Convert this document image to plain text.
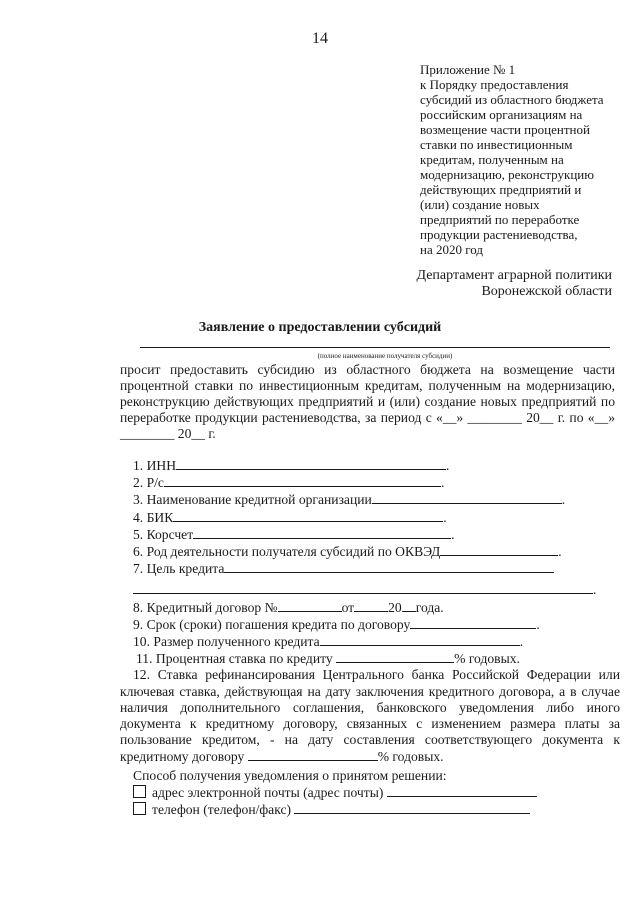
14
Приложение № 1
к Порядку предоставления
субсидий из областного бюджета
российским организациям на
возмещение части процентной
ставки по инвестиционным
кредитам, полученным на
модернизацию, реконструкцию
действующих предприятий и
(или) создание новых
предприятий по переработке
продукции растениеводства,
на 2020 год
Департамент аграрной политики
Воронежской области
Заявление о предоставлении субсидий
(полное наименование получателя субсидии)

просит предоставить субсидию из областного бюджета на возмещение части процентной ставки по инвестиционным кредитам, полученным на модернизацию, реконструкцию действующих предприятий и (или) создание новых предприятий по переработке продукции растениеводства, за период с «__» ________ 20__ г. по «__» ________ 20__ г.

1. ИНН	.
2. Р/с	.
3. Наименование кредитной организации	.
4. БИК	.
5. Корсчет	.
6. Род деятельности получателя субсидий по ОКВЭД	.
7. Цель кредита
.
8. Кредитный договор №	от	20 года.
9. Срок (сроки) погашения кредита по договору	.
10. Размер полученного кредита	.
11. Процентная ставка по кредиту	% годовых.
12. Ставка рефинансирования Центрального банка Российской Федерации или ключевая ставка, действующая на дату заключения кредитного договора, а в случае наличия дополнительного соглашения, банковского уведомления либо иного документа к кредитному договору, связанных с изменением размера платы за пользование кредитом, - на дату составления соответствующего документа к кредитному договору	% годовых.
Способ получения уведомления о принятом решении:
адрес электронной почты (адрес почты)
телефон (телефон/факс)
